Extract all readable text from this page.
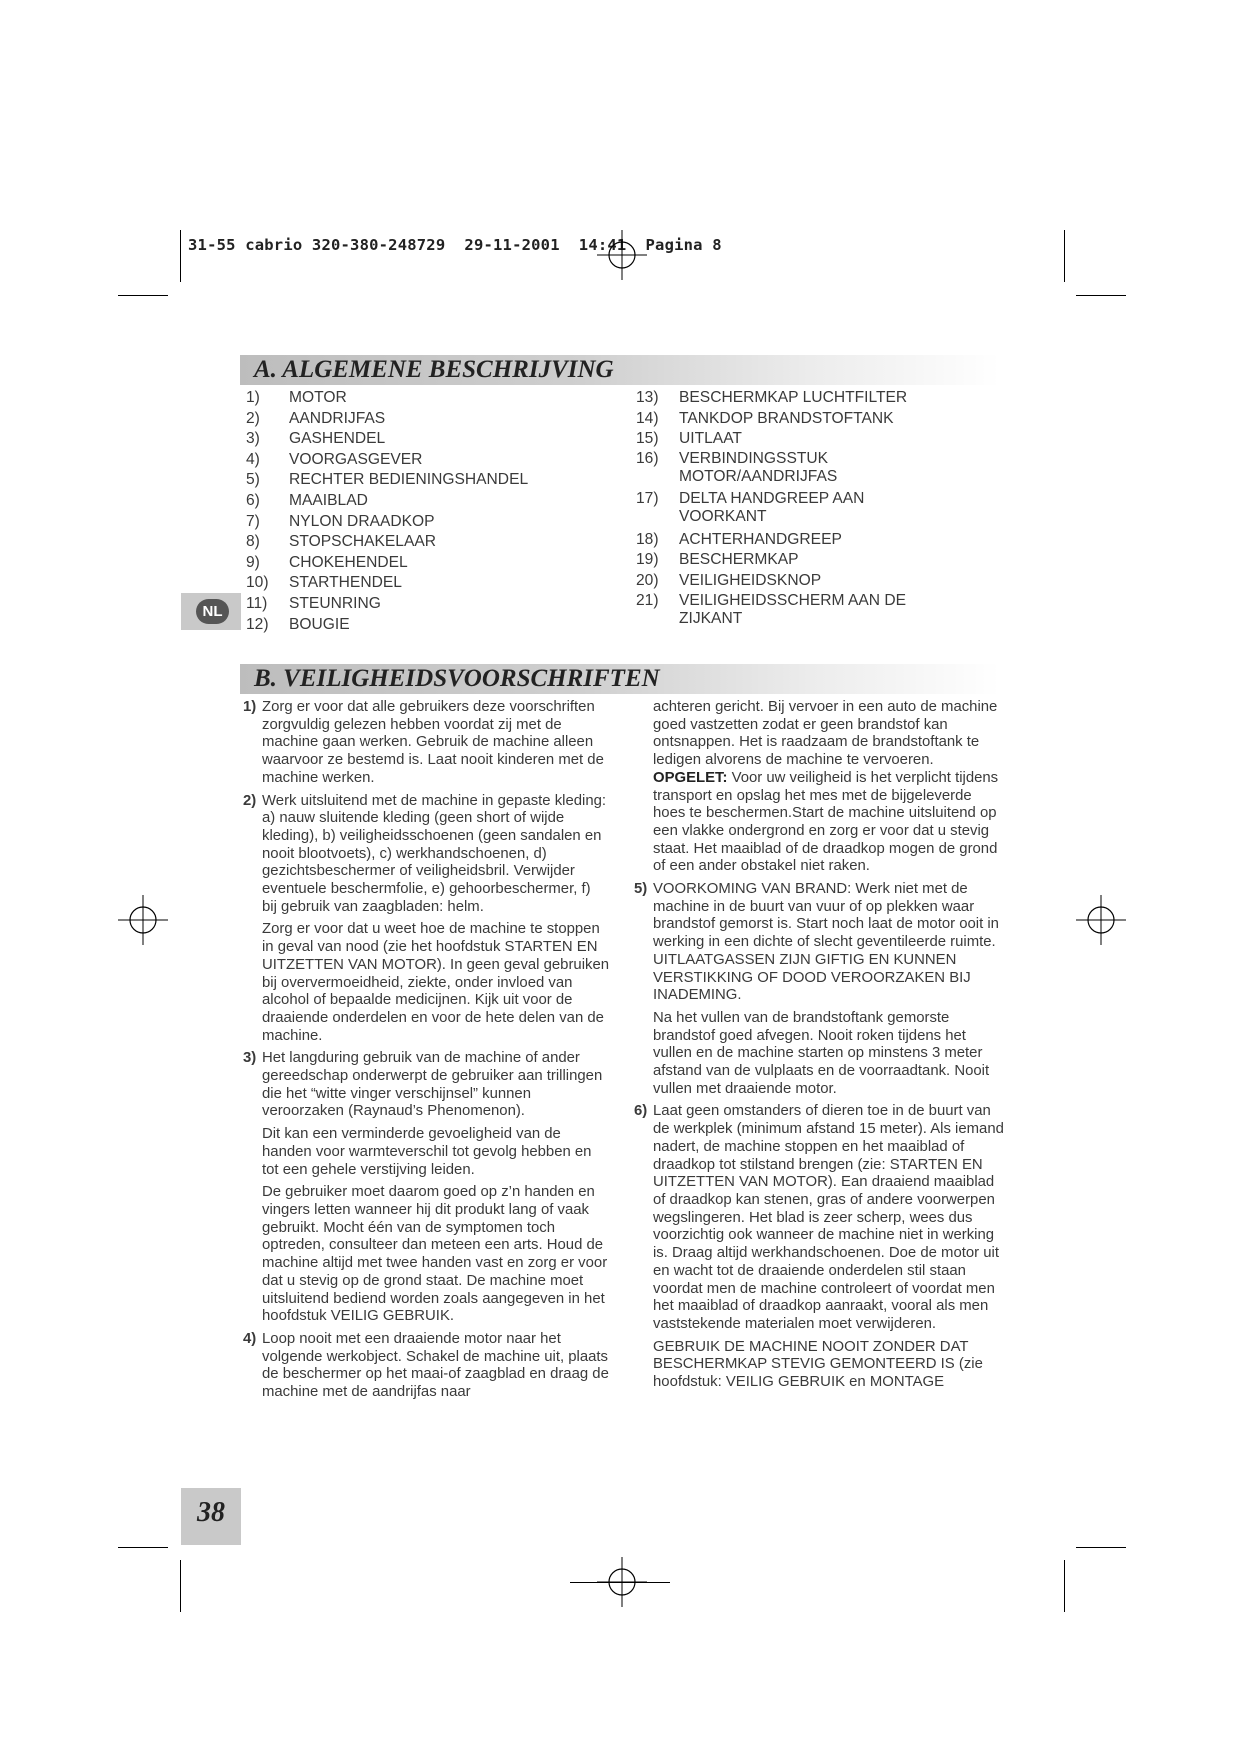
31-55 cabrio 320-380-248729  29-11-2001  14:41  Pagina 8
A. ALGEMENE BESCHRIJVING
1) MOTOR
2) AANDRIJFAS
3) GASHENDEL
4) VOORGASGEVER
5) RECHTER BEDIENINGSHANDEL
6) MAAIBLAD
7) NYLON DRAADKOP
8) STOPSCHAKELAAR
9) CHOKEHENDEL
10) STARTHENDEL
11) STEUNRING
12) BOUGIE
13) BESCHERMKAP LUCHTFILTER
14) TANKDOP BRANDSTOFTANK
15) UITLAAT
16) VERBINDINGSSTUK
MOTOR/AANDRIJFAS
17) DELTA HANDGREEP AAN
VOORKANT
18) ACHTERHANDGREEP
19) BESCHERMKAP
20) VEILIGHEIDSKNOP
21) VEILIGHEIDSSCHERM AAN DE
ZIJKANT
NL
B. VEILIGHEIDSVOORSCHRIFTEN

1) Zorg er voor dat alle gebruikers deze voorschriften zorgvuldig gelezen hebben voordat zij met de machine gaan werken. Gebruik de machine alleen waarvoor ze bestemd is. Laat nooit kinderen met de machine werken.

2) Werk uitsluitend met de machine in gepaste kleding: a) nauw sluitende kleding (geen short of wijde kleding), b) veiligheidsschoenen (geen sandalen en nooit blootvoets), c) werkhandschoenen, d) gezichtsbeschermer of veiligheidsbril. Verwijder eventuele beschermfolie, e) gehoorbeschermer, f) bij gebruik van zaagbladen: helm.

Zorg er voor dat u weet hoe de machine te stoppen in geval van nood (zie het hoofdstuk STARTEN EN UITZETTEN VAN MOTOR). In geen geval gebruiken bij oververmoeidheid, ziekte, onder invloed van alcohol of bepaalde medicijnen. Kijk uit voor de draaiende onderdelen en voor de hete delen van de machine.

3) Het langduring gebruik van de machine of ander gereedschap onderwerpt de gebruiker aan trillingen die het “witte vinger verschijnsel” kunnen veroorzaken (Raynaud’s Phenomenon).

Dit kan een verminderde gevoeligheid van de handen voor warmteverschil tot gevolg hebben en tot een gehele verstijving leiden.

De gebruiker moet daarom goed op z’n handen en vingers letten wanneer hij dit produkt lang of vaak gebruikt. Mocht één van de symptomen toch optreden, consulteer dan meteen een arts. Houd de machine altijd met twee handen vast en zorg er voor dat u stevig op de grond staat. De machine moet uitsluitend bediend worden zoals aangegeven in het hoofdstuk VEILIG GEBRUIK.

4) Loop nooit met een draaiende motor naar het volgende werkobject. Schakel de machine uit, plaats de beschermer op het maai-of zaagblad en draag de machine met de aandrijfas naar

achteren gericht. Bij vervoer in een auto de machine goed vastzetten zodat er geen brandstof kan ontsnappen. Het is raadzaam de brandstoftank te ledigen alvorens de machine te vervoeren.

OPGELET: Voor uw veiligheid is het verplicht tijdens transport en opslag het mes met de bijgeleverde hoes te beschermen.Start de machine uitsluitend op een vlakke ondergrond en zorg er voor dat u stevig staat. Het maaiblad of de draadkop mogen de grond of een ander obstakel niet raken.

5) VOORKOMING VAN BRAND: Werk niet met de machine in de buurt van vuur of op plekken waar brandstof gemorst is. Start noch laat de motor ooit in werking in een dichte of slecht geventileerde ruimte. UITLAATGASSEN ZIJN GIFTIG EN KUNNEN VERSTIKKING OF DOOD VEROORZAKEN BIJ INADEMING.

Na het vullen van de brandstoftank gemorste brandstof goed afvegen. Nooit roken tijdens het vullen en de machine starten op minstens 3 meter afstand van de vulplaats en de voorraadtank. Nooit vullen met draaiende motor.

6) Laat geen omstanders of dieren toe in de buurt van de werkplek (minimum afstand 15 meter). Als iemand nadert, de machine stoppen en het maaiblad of draadkop tot stilstand brengen (zie: STARTEN EN UITZETTEN VAN MOTOR). Ean draaiend maaiblad of draadkop kan stenen, gras of andere voorwerpen wegslingeren. Het blad is zeer scherp, wees dus voorzichtig ook wanneer de machine niet in werking is. Draag altijd werkhandschoenen. Doe de motor uit en wacht tot de draaiende onderdelen stil staan voordat men de machine controleert of voordat men het maaiblad of draadkop aanraakt, vooral als men vaststekende materialen moet verwijderen.

GEBRUIK DE MACHINE NOOIT ZONDER DAT BESCHERMKAP STEVIG GEMONTEERD IS (zie hoofdstuk: VEILIG GEBRUIK en MONTAGE

38
